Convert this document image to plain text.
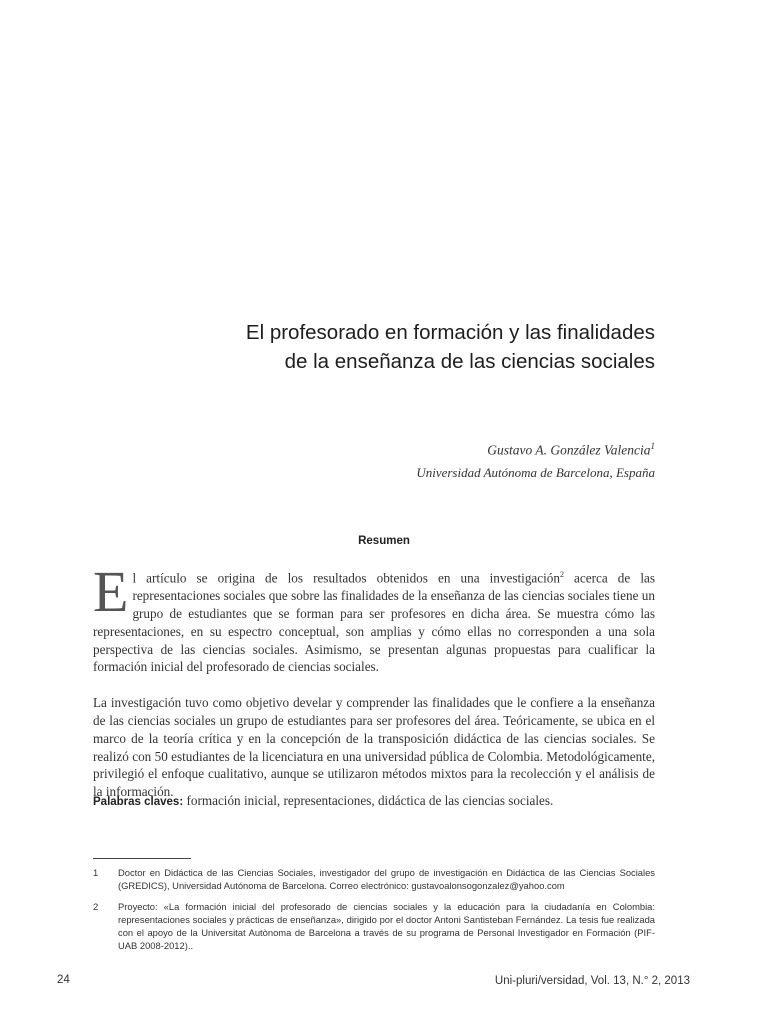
El profesorado en formación y las finalidades
de la enseñanza de las ciencias sociales
Gustavo A. González Valencia$^1$
Universidad Autónoma de Barcelona, España
Resumen

El artículo se origina de los resultados obtenidos en una investigación$^2$ acerca de las representaciones sociales que sobre las finalidades de la enseñanza de las ciencias sociales tiene un grupo de estudiantes que se forman para ser profesores en dicha área. Se muestra cómo las representaciones, en su espectro conceptual, son amplias y cómo ellas no corresponden a una sola perspectiva de las ciencias sociales. Asimismo, se presentan algunas propuestas para cualificar la formación inicial del profesorado de ciencias sociales.

La investigación tuvo como objetivo develar y comprender las finalidades que le confiere a la enseñanza de las ciencias sociales un grupo de estudiantes para ser profesores del área. Teóricamente, se ubica en el marco de la teoría crítica y en la concepción de la transposición didáctica de las ciencias sociales. Se realizó con 50 estudiantes de la licenciatura en una universidad pública de Colombia. Metodológicamente, privilegió el enfoque cualitativo, aunque se utilizaron métodos mixtos para la recolección y el análisis de la información.

Palabras claves: formación inicial, representaciones, didáctica de las ciencias sociales.
1	Doctor en Didáctica de las Ciencias Sociales, investigador del grupo de investigación en Didáctica de las Ciencias Sociales (GREDICS), Universidad Autónoma de Barcelona. Correo electrónico: gustavoalonsogonzalez@yahoo.com
2	Proyecto: «La formación inicial del profesorado de ciencias sociales y la educación para la ciudadanía en Colombia: representaciones sociales y prácticas de enseñanza», dirigido por el doctor Antoni Santisteban Fernández. La tesis fue realizada con el apoyo de la Universitat Autònoma de Barcelona a través de su programa de Personal Investigador en Formación (PIF-UAB 2008-2012)..
24	Uni-pluri/versidad, Vol. 13, N.° 2, 2013
